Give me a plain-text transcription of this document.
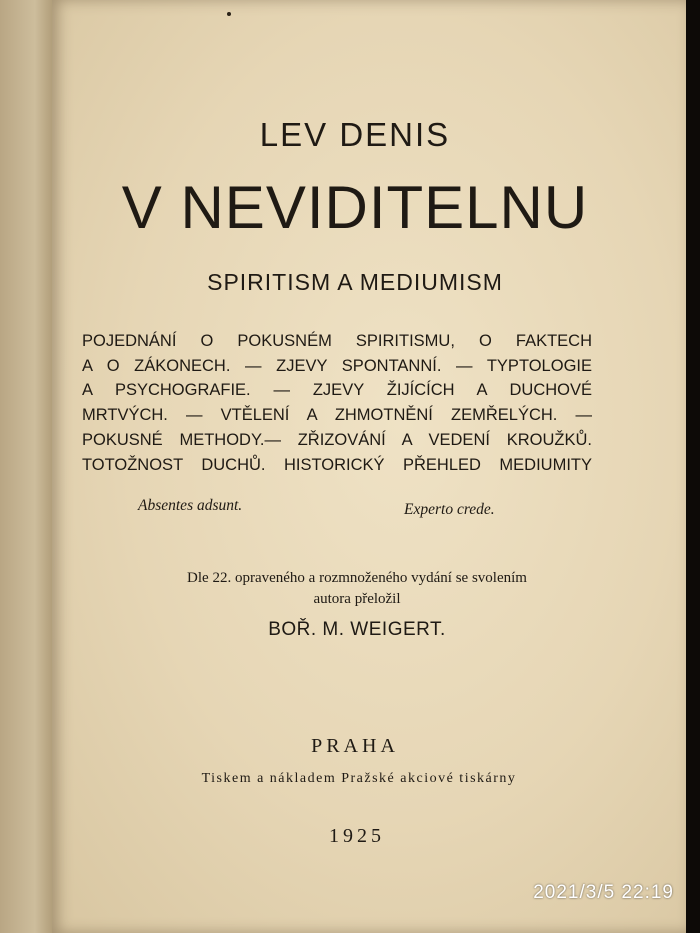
LEV DENIS
V NEVIDITELNU
SPIRITISM A MEDIUMISM
POJEDNÁNÍ O POKUSNÉM SPIRITISMU, O FAKTECH
A O ZÁKONECH. — ZJEVY SPONTANNÍ. — TYPTOLOGIE
A PSYCHOGRAFIE. — ZJEVY ŽIJÍCÍCH A DUCHOVÉ
MRTVÝCH. — VTĚLENÍ A ZHMOTNĚNÍ ZEMŘELÝCH. —
POKUSNÉ METHODY.— ZŘIZOVÁNÍ A VEDENÍ KROUŽKŮ.
TOTOŽNOST DUCHŮ. HISTORICKÝ PŘEHLED MEDIUMITY
Absentes adsunt.	Experto crede.
Dle 22. opraveného a rozmnoženého vydání se svolením
autora přeložil
BOŘ. M. WEIGERT.
PRAHA
Tiskem a nákladem Pražské akciové tiskárny
1925
2021/3/5 22:19
